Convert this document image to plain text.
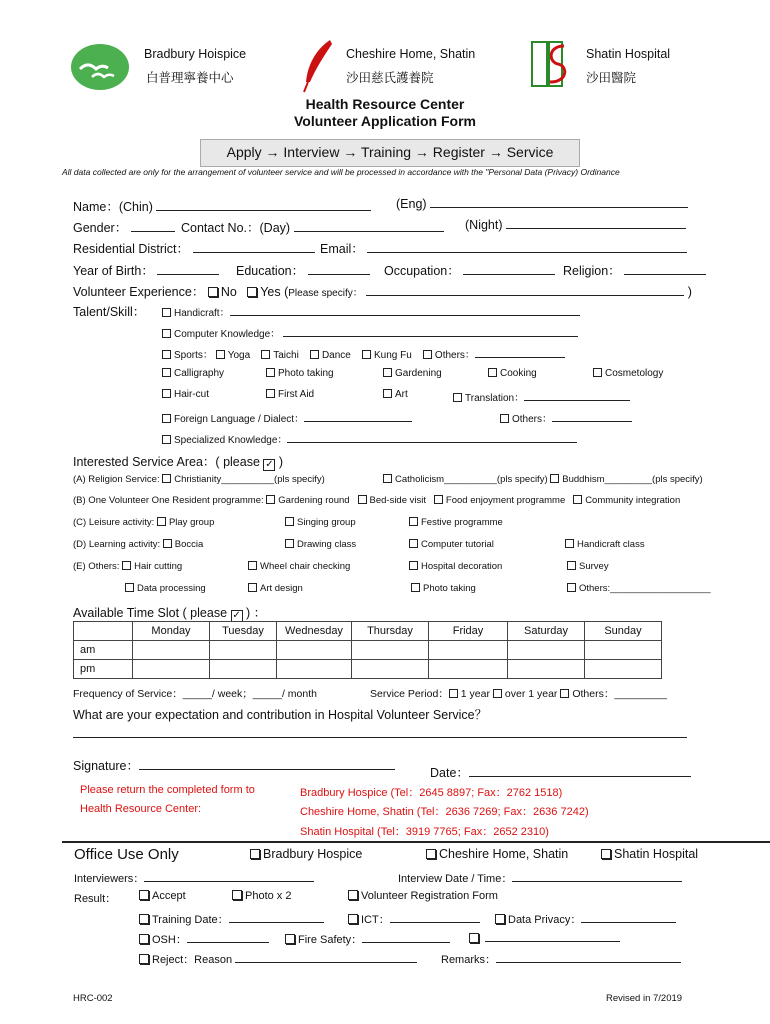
Bradbury Hoispice
白普理寧養中心
Cheshire Home, Shatin
沙田慈氏護養院
Shatin Hospital
沙田醫院
Health Resource Center
Volunteer Application Form
Apply → Interview → Training → Register → Service
All data collected are only for the arrangement of volunteer service and will be processed in accordance with the "Personal Data (Privacy) Ordinance
Name：(Chin)	(Eng)
Gender：	Contact No.：(Day)	(Night)
Residential District：	Email：
Year of Birth：	Education：	Occupation：	Religion：
Volunteer Experience： No Yes (Please specify：	)
Talent/Skill：	Handicraft：
Computer Knowledge：
Sports： Yoga Taichi Dance Kung Fu Others：
Calligraphy	Photo taking	Gardening	Cooking	Cosmetology
Hair-cut	First Aid	Art	Translation：
Foreign Language / Dialect：	Others：
Specialized Knowledge：
Interested Service Area：( please ✓ )
(A) Religion Service: Christianity__________(pls specify)	Catholicism__________(pls specify) Buddhism_________(pls specify)
(B) One Volunteer One Resident programme: Gardening round Bed-side visit Food enjoyment programme Community integration
(C) Leisure activity: Play group	Singing group	Festive programme
(D) Learning activity: Boccia	Drawing class	Computer tutorial	Handicraft class
(E) Others: Hair cutting	Wheel chair checking	Hospital decoration	Survey
Data processing	Art design	Photo taking	Others:___________________
Available Time Slot ( please ✓ ) ：
	Monday	Tuesday	Wednesday	Thursday	Friday	Saturday	Sunday
am							
pm							
Frequency of Service：_____/ week；_____/ month	Service Period： 1 year over 1 year Others：_________
What are your expectation and contribution in Hospital Volunteer Service？
Signature：	Date：
Please return the completed form to
Health Resource Center:
Bradbury Hospice (Tel：2645 8897; Fax：2762 1518)
Cheshire Home, Shatin (Tel：2636 7269; Fax：2636 7242)
Shatin Hospital (Tel：3919 7765; Fax：2652 2310)
Office Use Only	Bradbury Hospice	Cheshire Home, Shatin	Shatin Hospital
Interviewers：	Interview Date / Time：
Result：	Accept	Photo x 2	Volunteer Registration Form
Training Date：	ICT：	Data Privacy：
OSH：	Fire Safety：

Reject：Reason	Remarks：
HRC-002	Revised in 7/2019
